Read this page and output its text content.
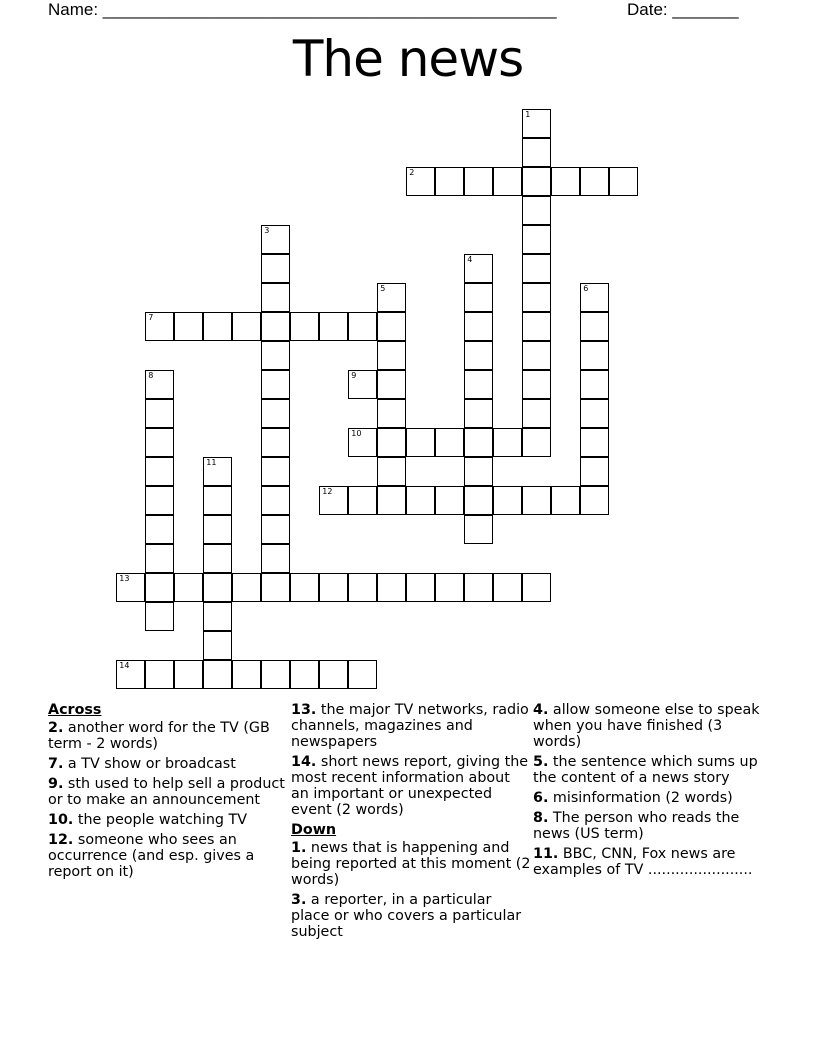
Name: ________________________________________________	Date: _______
The news
1
2
3
4
5	6
7
8	9
10
11
12
13
14
Across
2. another word for the TV (GB term - 2 words)
7. a TV show or broadcast
9. sth used to help sell a product or to make an announcement
10. the people watching TV
12. someone who sees an occurrence (and esp. gives a report on it)
13. the major TV networks, radio channels, magazines and newspapers
14. short news report, giving the most recent information about an important or unexpected event (2 words)
Down
1. news that is happening and being reported at this moment (2 words)
3. a reporter, in a particular place or who covers a particular subject
4. allow someone else to speak when you have finished (3 words)
5. the sentence which sums up the content of a news story
6. misinformation (2 words)
8. The person who reads the news (US term)
11. BBC, CNN, Fox news are examples of TV .......................
